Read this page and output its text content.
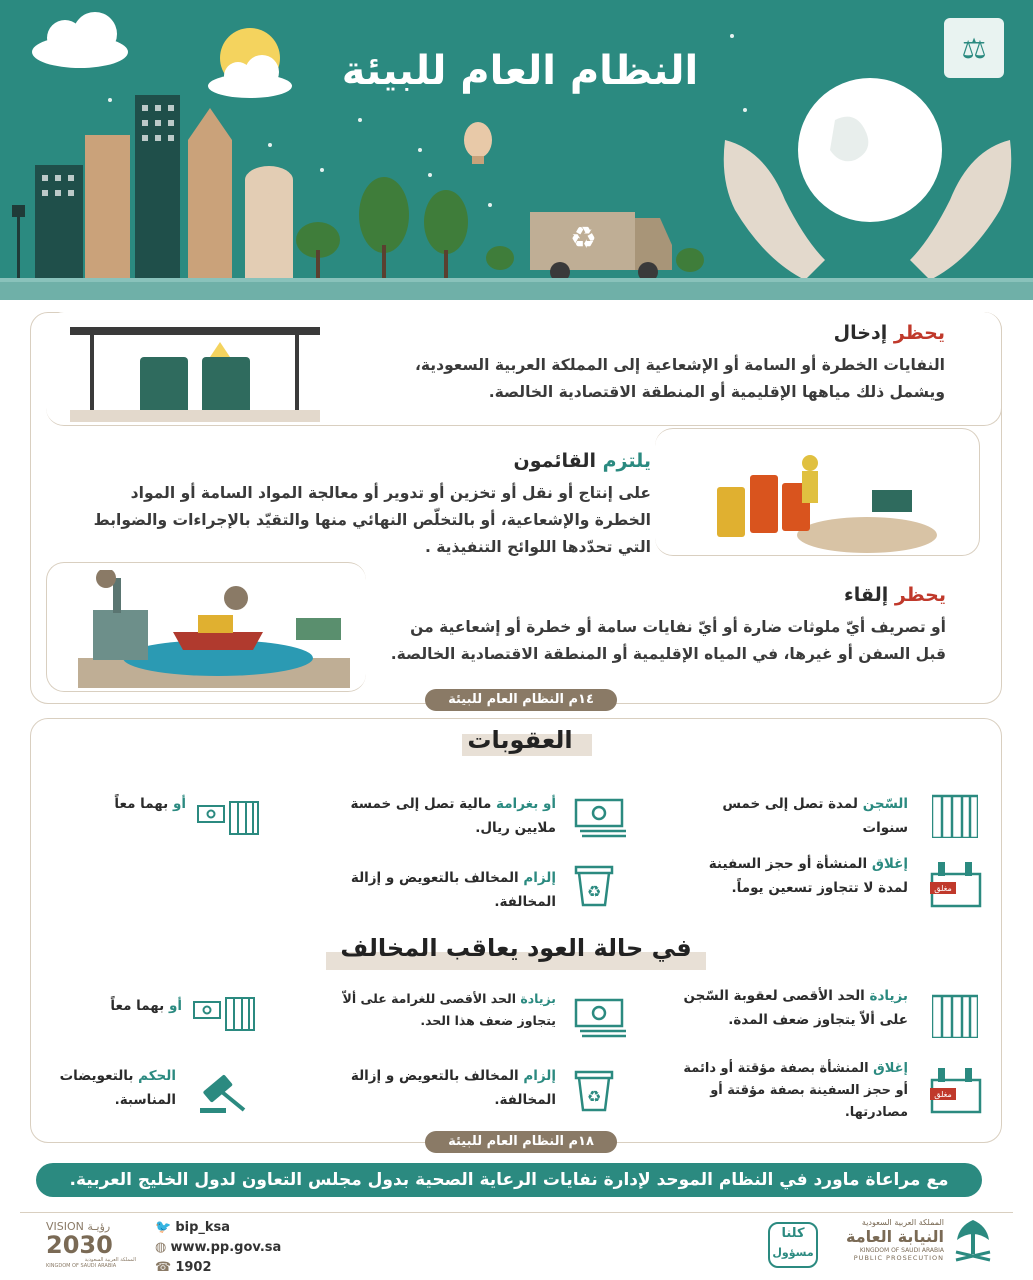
♻
⚖
النظام العام للبيئة
يحظر إدخال
النفايات الخطرة أو السامة أو الإشعاعية إلى المملكة العربية السعودية،
ويشمل ذلك مياهها الإقليمية أو المنطقة الاقتصادية الخالصة.
يلتزم القائمون
على إنتاج أو نقل أو تخزين أو تدوير أو معالجة المواد السامة أو المواد
الخطرة والإشعاعية، أو بالتخلّص النهائي منها والتقيّد بالإجراءات والضوابط
التي تحدّدها اللوائح التنفيذية .
يحظر إلقاء
أو تصريف أيّ ملوثات ضارة أو أيّ نفايات سامة أو خطرة أو إشعاعية من
قبل السفن أو غيرها، في المياه الإقليمية أو المنطقة الاقتصادية الخالصة.
١٤م النظام العام للبيئة
العقوبات
السّجن لمدة تصل إلى خمس سنوات
أو بغرامة مالية تصل إلى خمسة ملايين ريال.
أو بهما معاً
مغلق
إغلاق المنشأة أو حجز السفينة لمدة لا تتجاوز تسعين يوماً.
♻
إلزام المخالف بالتعويض و إزالة المخالفة.
في حالة العود يعاقب المخالف
بزيادة الحد الأقصى لعقوبة السّجن على ألاّ يتجاوز ضعف المدة.
بزيادة الحد الأقصى للغرامة على ألاّ يتجاوز ضعف هذا الحد.
أو بهما معاً
مغلق
إغلاق المنشأة بصفة مؤقتة أو دائمة أو حجز السفينة بصفة مؤقتة أو مصادرتها.
♻
إلزام المخالف بالتعويض و إزالة المخالفة.
الحكم بالتعويضات المناسبة.
١٨م النظام العام للبيئة
مع مراعاة ماورد في النظام الموحد لإدارة نفايات الرعاية الصحية بدول مجلس التعاون لدول الخليج العربية.
VISION رؤيـة
2030
المملكة العربية السعودية
KINGDOM OF SAUDI ARABIA
🐦 bip_ksa
◍ www.pp.gov.sa
☎ 1902
كلنا
مسؤول
المملكة العربية السعودية
النيابة العامة
KINGDOM OF SAUDI ARABIA
PUBLIC PROSECUTION
